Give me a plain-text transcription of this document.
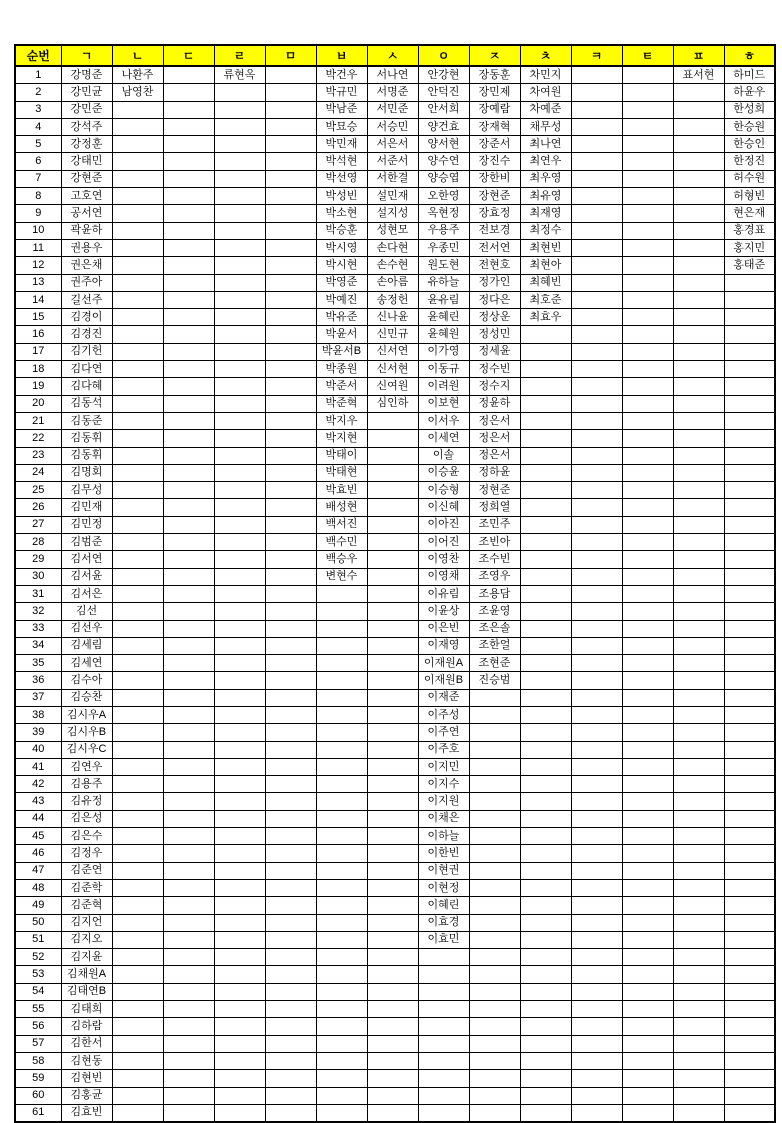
순번	ㄱ	ㄴ	ㄷ	ㄹ	ㅁ	ㅂ	ㅅ	ㅇ	ㅈ	ㅊ	ㅋ	ㅌ	ㅍ	ㅎ
1	강명준	나환주		류현옥		박건우	서나연	안강현	장동훈	차민지			표서현	하미드
2	강민균	남영찬				박규민	서명준	안덕진	장민제	차여원				하윤우
3	강민준					박남준	서민준	안서희	장예람	차예준				한성희
4	강석주					박묘승	서승민	양건효	장재혁	채무성				한승원
5	강정훈					박민재	서은서	양서현	장준서	최나연				한승인
6	강태민					박석현	서준서	양수연	장진수	최연우				한정진
7	강현준					박선영	서한결	양승엽	장한비	최우영				허수원
8	고호연					박성빈	설민재	오한영	장현준	최유영				허형빈
9	공서연					박소현	설지성	옥현정	장효정	최재영				현은재
10	곽윤하					박승훈	성현모	우용주	전보경	최정수				홍경표
11	권용우					박시영	손다현	우종민	전서연	최현빈				홍지민
12	권은채					박시현	손수현	원도현	전현호	최현아				홍태준
13	권주아					박영준	손아름	유하늘	정가인	최혜빈				
14	길선주					박예진	송정헌	윤유림	정다은	최호준				
15	김경이					박유준	신나윤	윤혜린	정상운	최효우				
16	김경진					박윤서	신민규	윤혜원	정성민					
17	김기헌					박윤서B	신서연	이가영	정세윤					
18	김다연					박종원	신서현	이동규	정수빈					
19	김다혜					박준서	신여원	이려원	정수지					
20	김동석					박준혁	심인하	이보현	정윤하					
21	김동준					박지우		이서우	정은서					
22	김동휘					박지현		이세연	정은서					
23	김동휘					박태이		이솔	정은서					
24	김명회					박태현		이승윤	정하윤					
25	김무성					박효빈		이승형	정현준					
26	김민재					배성현		이신혜	정희열					
27	김민정					백서진		이아진	조민주					
28	김범준					백수민		이어진	조빈아					
29	김서연					백승우		이영찬	조수빈					
30	김서윤					변현수		이영채	조영우					
31	김서은							이유림	조용담					
32	김선							이윤상	조윤영					
33	김선우							이은빈	조은솔					
34	김세림							이재영	조한얼					
35	김세연							이재원A	조현준					
36	김수아							이재원B	진승범					
37	김승찬							이재준						
38	김시우A							이주성						
39	김시우B							이주연						
40	김시우C							이주호						
41	김연우							이지민						
42	김용주							이지수						
43	김유정							이지원						
44	김은성							이채은						
45	김은수							이하늘						
46	김정우							이한빈						
47	김준연							이현권						
48	김준학							이현정						
49	김준혁							이혜린						
50	김지언							이효경						
51	김지오							이효민						
52	김지윤													
53	김채원A													
54	김태연B													
55	김태희													
56	김하람													
57	김한서													
58	김현동													
59	김현빈													
60	김홍균													
61	김효빈													
